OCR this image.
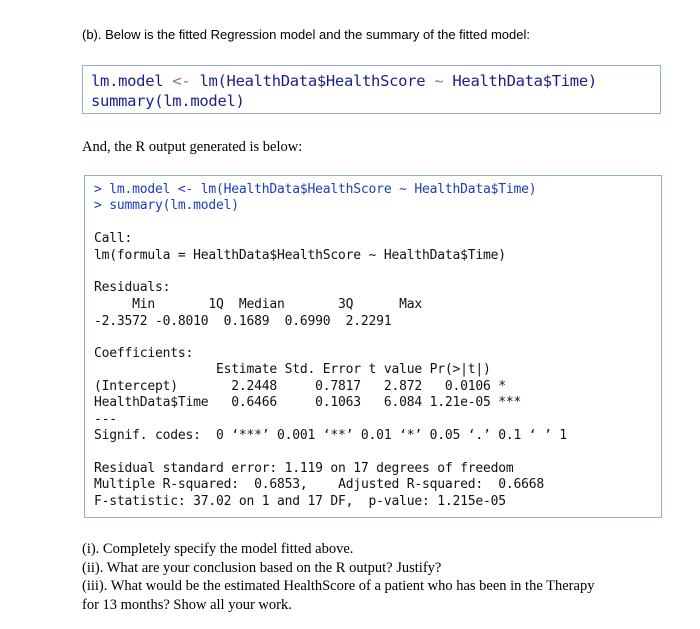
(b). Below is the fitted Regression model and the summary of the fitted model:
lm.model <- lm(HealthData$HealthScore ~ HealthData$Time)
summary(lm.model)
And, the R output generated is below:
> lm.model <- lm(HealthData$HealthScore ~ HealthData$Time)
> summary(lm.model)
Call:
lm(formula = HealthData$HealthScore ~ HealthData$Time)
Residuals:
Min       1Q  Median       3Q      Max
-2.3572 -0.8010  0.1689  0.6990  2.2291
Coefficients:
Estimate Std. Error t value Pr(>|t|)
(Intercept)       2.2448     0.7817   2.872   0.0106 *
HealthData$Time   0.6466     0.1063   6.084 1.21e-05 ***
---
Signif. codes:  0 ‘***’ 0.001 ‘**’ 0.01 ‘*’ 0.05 ‘.’ 0.1 ‘ ’ 1
Residual standard error: 1.119 on 17 degrees of freedom
Multiple R-squared:  0.6853,	Adjusted R-squared:  0.6668
F-statistic: 37.02 on 1 and 17 DF,  p-value: 1.215e-05
(i). Completely specify the model fitted above.
(ii). What are your conclusion based on the R output? Justify?
(iii). What would be the estimated HealthScore of a patient who has been in the Therapy
for 13 months? Show all your work.
